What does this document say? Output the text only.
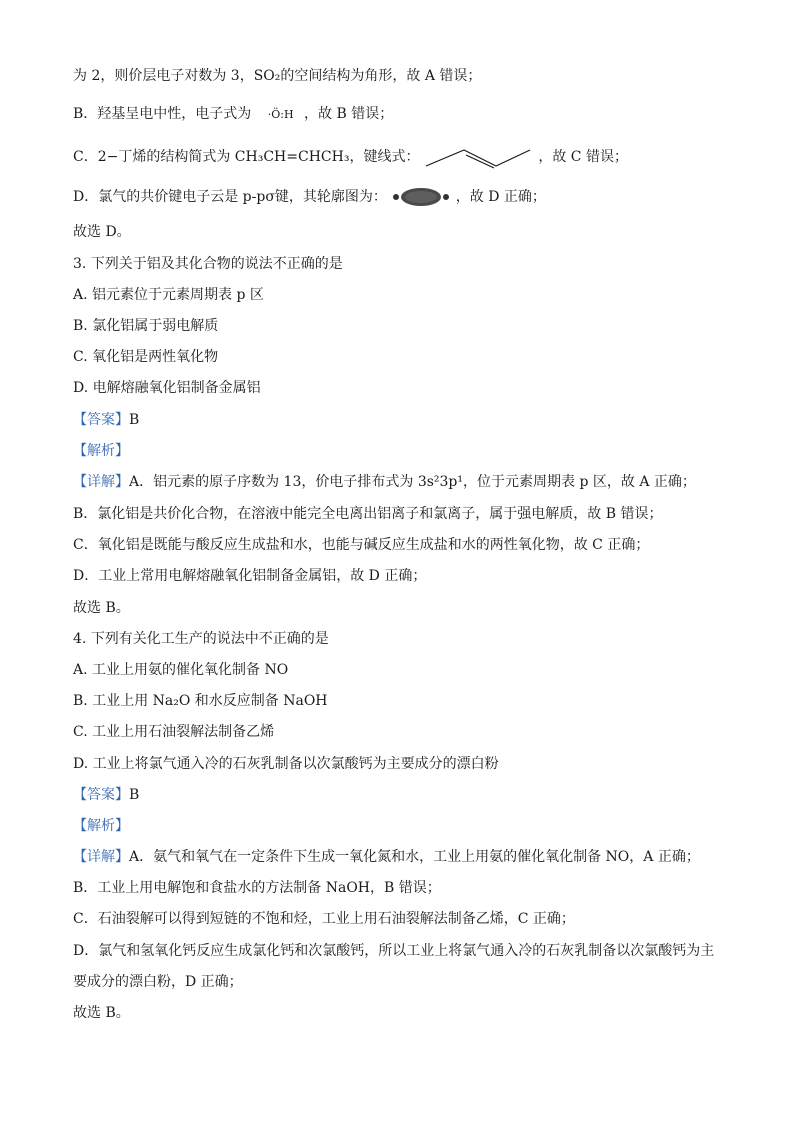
为 2，则价层电子对数为 3，SO₂的空间结构为角形，故 A 错误；
B．羟基呈电中性，电子式为 ·Ö:H ，故 B 错误；
C．2−丁烯的结构简式为 CH₃CH=CHCH₃，键线式：	，故 C 错误；
D．氯气的共价键电子云是 p-pσ键，其轮廓图为：	，故 D 正确；
故选 D。
3. 下列关于铝及其化合物的说法不正确的是
A. 铝元素位于元素周期表 p 区
B. 氯化铝属于弱电解质
C. 氧化铝是两性氧化物
D. 电解熔融氧化铝制备金属铝
【答案】B
【解析】
【详解】A．铝元素的原子序数为 13，价电子排布式为 3s²3p¹，位于元素周期表 p 区，故 A 正确；
B．氯化铝是共价化合物，在溶液中能完全电离出铝离子和氯离子，属于强电解质，故 B 错误；
C．氧化铝是既能与酸反应生成盐和水，也能与碱反应生成盐和水的两性氧化物，故 C 正确；
D．工业上常用电解熔融氧化铝制备金属铝，故 D 正确；
故选 B。
4. 下列有关化工生产的说法中不正确的是
A. 工业上用氨的催化氧化制备 NO
B. 工业上用 Na₂O 和水反应制备 NaOH
C. 工业上用石油裂解法制备乙烯
D. 工业上将氯气通入冷的石灰乳制备以次氯酸钙为主要成分的漂白粉
【答案】B
【解析】
【详解】A．氨气和氧气在一定条件下生成一氧化氮和水，工业上用氨的催化氧化制备 NO，A 正确；
B．工业上用电解饱和食盐水的方法制备 NaOH，B 错误；
C．石油裂解可以得到短链的不饱和烃，工业上用石油裂解法制备乙烯，C 正确；
D．氯气和氢氧化钙反应生成氯化钙和次氯酸钙，所以工业上将氯气通入冷的石灰乳制备以次氯酸钙为主
要成分的漂白粉，D 正确；
故选 B。
